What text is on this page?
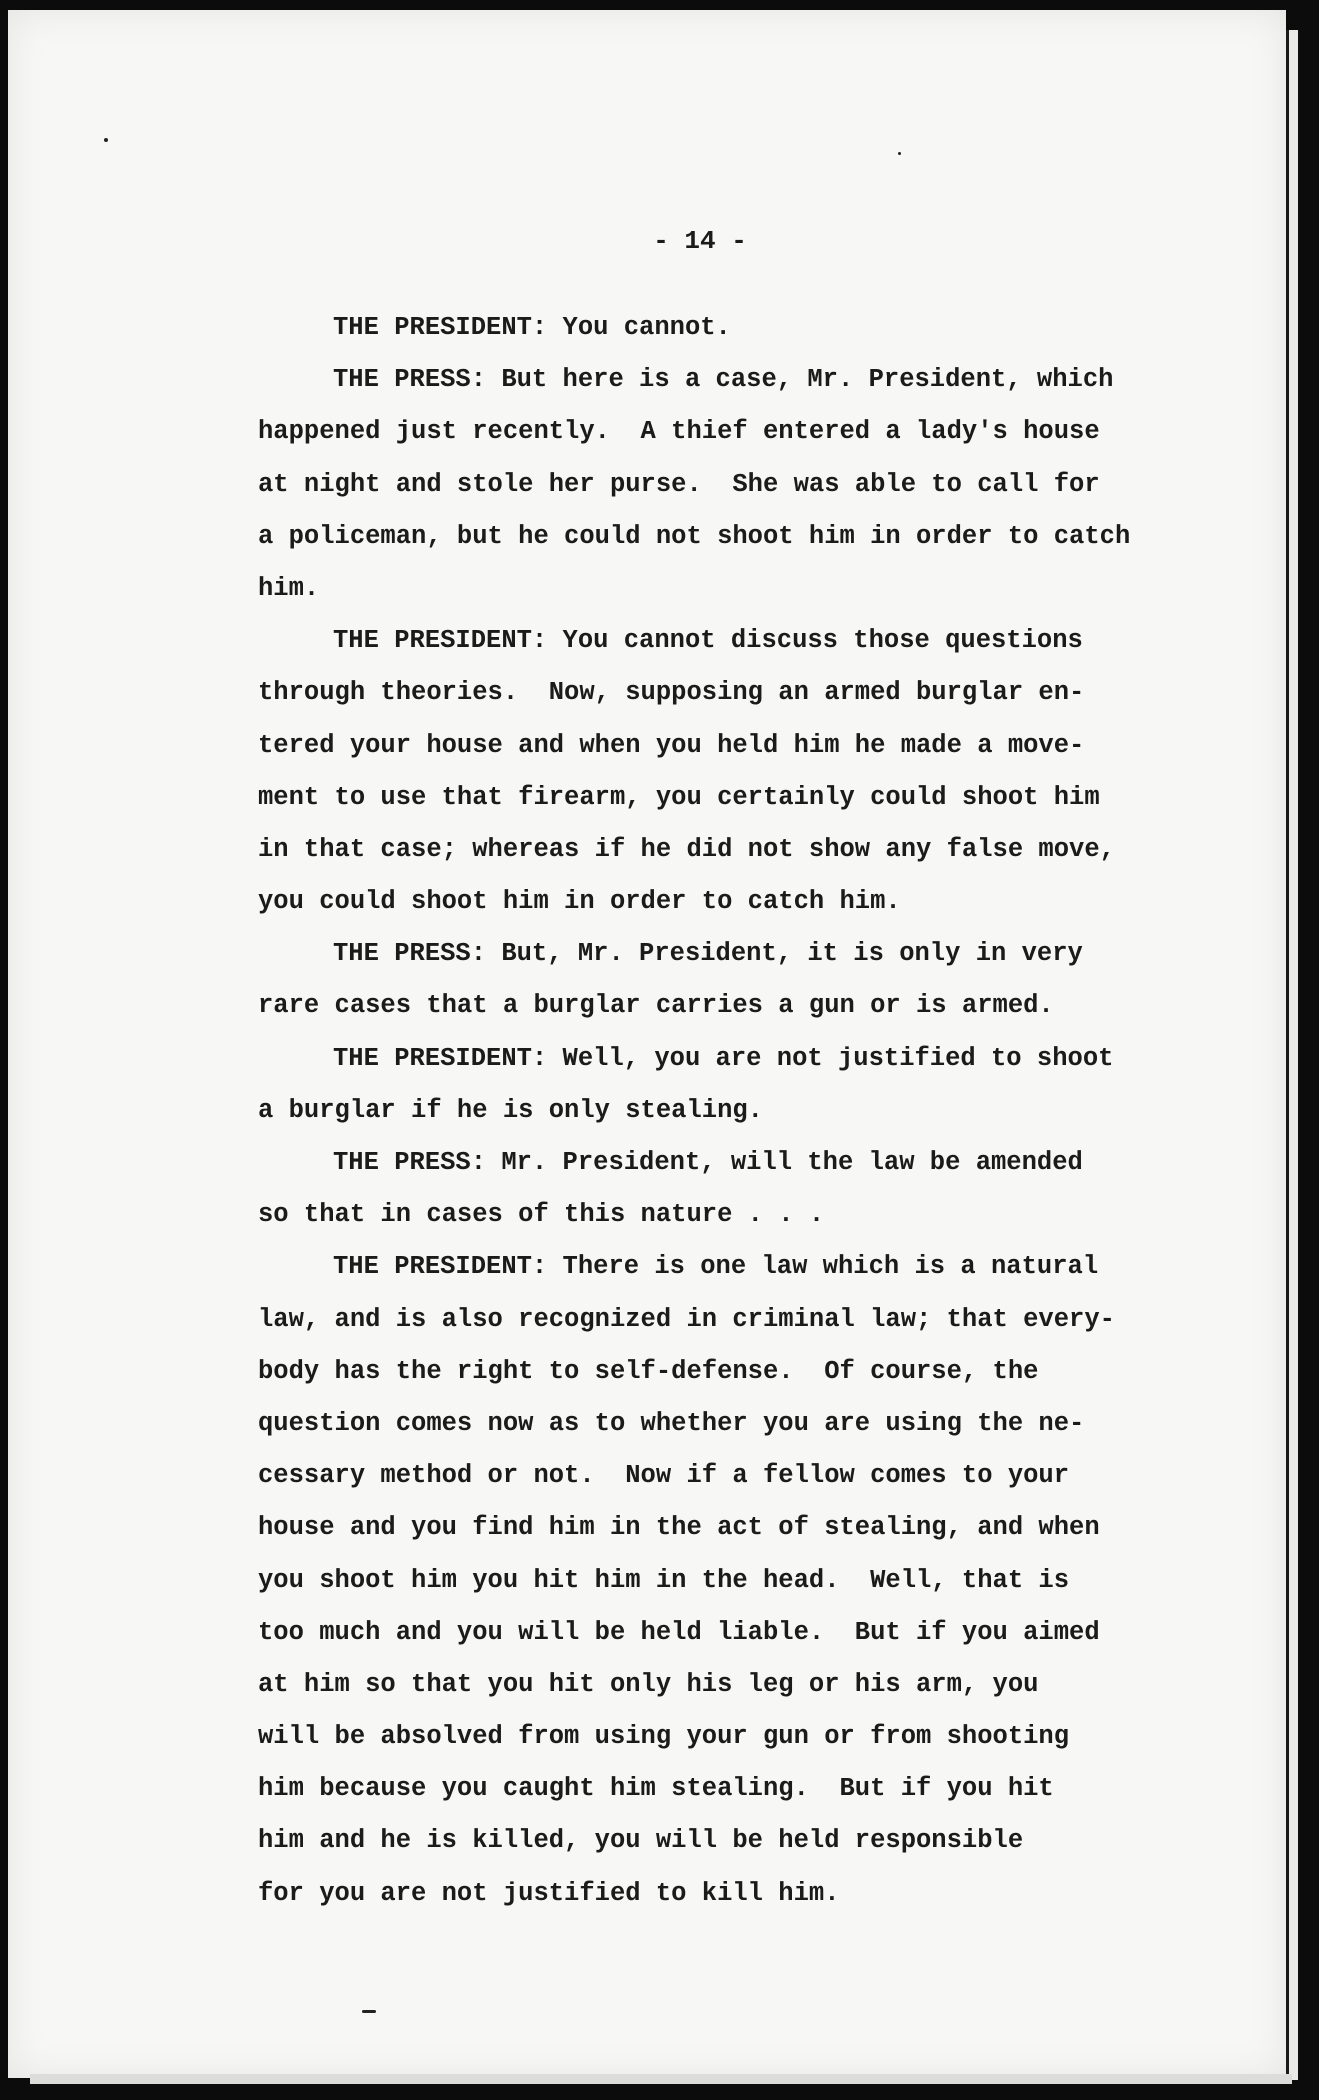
- 14 -
THE PRESIDENT: You cannot.
THE PRESS: But here is a case, Mr. President, which
happened just recently.  A thief entered a lady's house
at night and stole her purse.  She was able to call for
a policeman, but he could not shoot him in order to catch
him.
THE PRESIDENT: You cannot discuss those questions
through theories.  Now, supposing an armed burglar en-
tered your house and when you held him he made a move-
ment to use that firearm, you certainly could shoot him
in that case; whereas if he did not show any false move,
you could shoot him in order to catch him.
THE PRESS: But, Mr. President, it is only in very
rare cases that a burglar carries a gun or is armed.
THE PRESIDENT: Well, you are not justified to shoot
a burglar if he is only stealing.
THE PRESS: Mr. President, will the law be amended
so that in cases of this nature . . .
THE PRESIDENT: There is one law which is a natural
law, and is also recognized in criminal law; that every-
body has the right to self-defense.  Of course, the
question comes now as to whether you are using the ne-
cessary method or not.  Now if a fellow comes to your
house and you find him in the act of stealing, and when
you shoot him you hit him in the head.  Well, that is
too much and you will be held liable.  But if you aimed
at him so that you hit only his leg or his arm, you
will be absolved from using your gun or from shooting
him because you caught him stealing.  But if you hit
him and he is killed, you will be held responsible
for you are not justified to kill him.
